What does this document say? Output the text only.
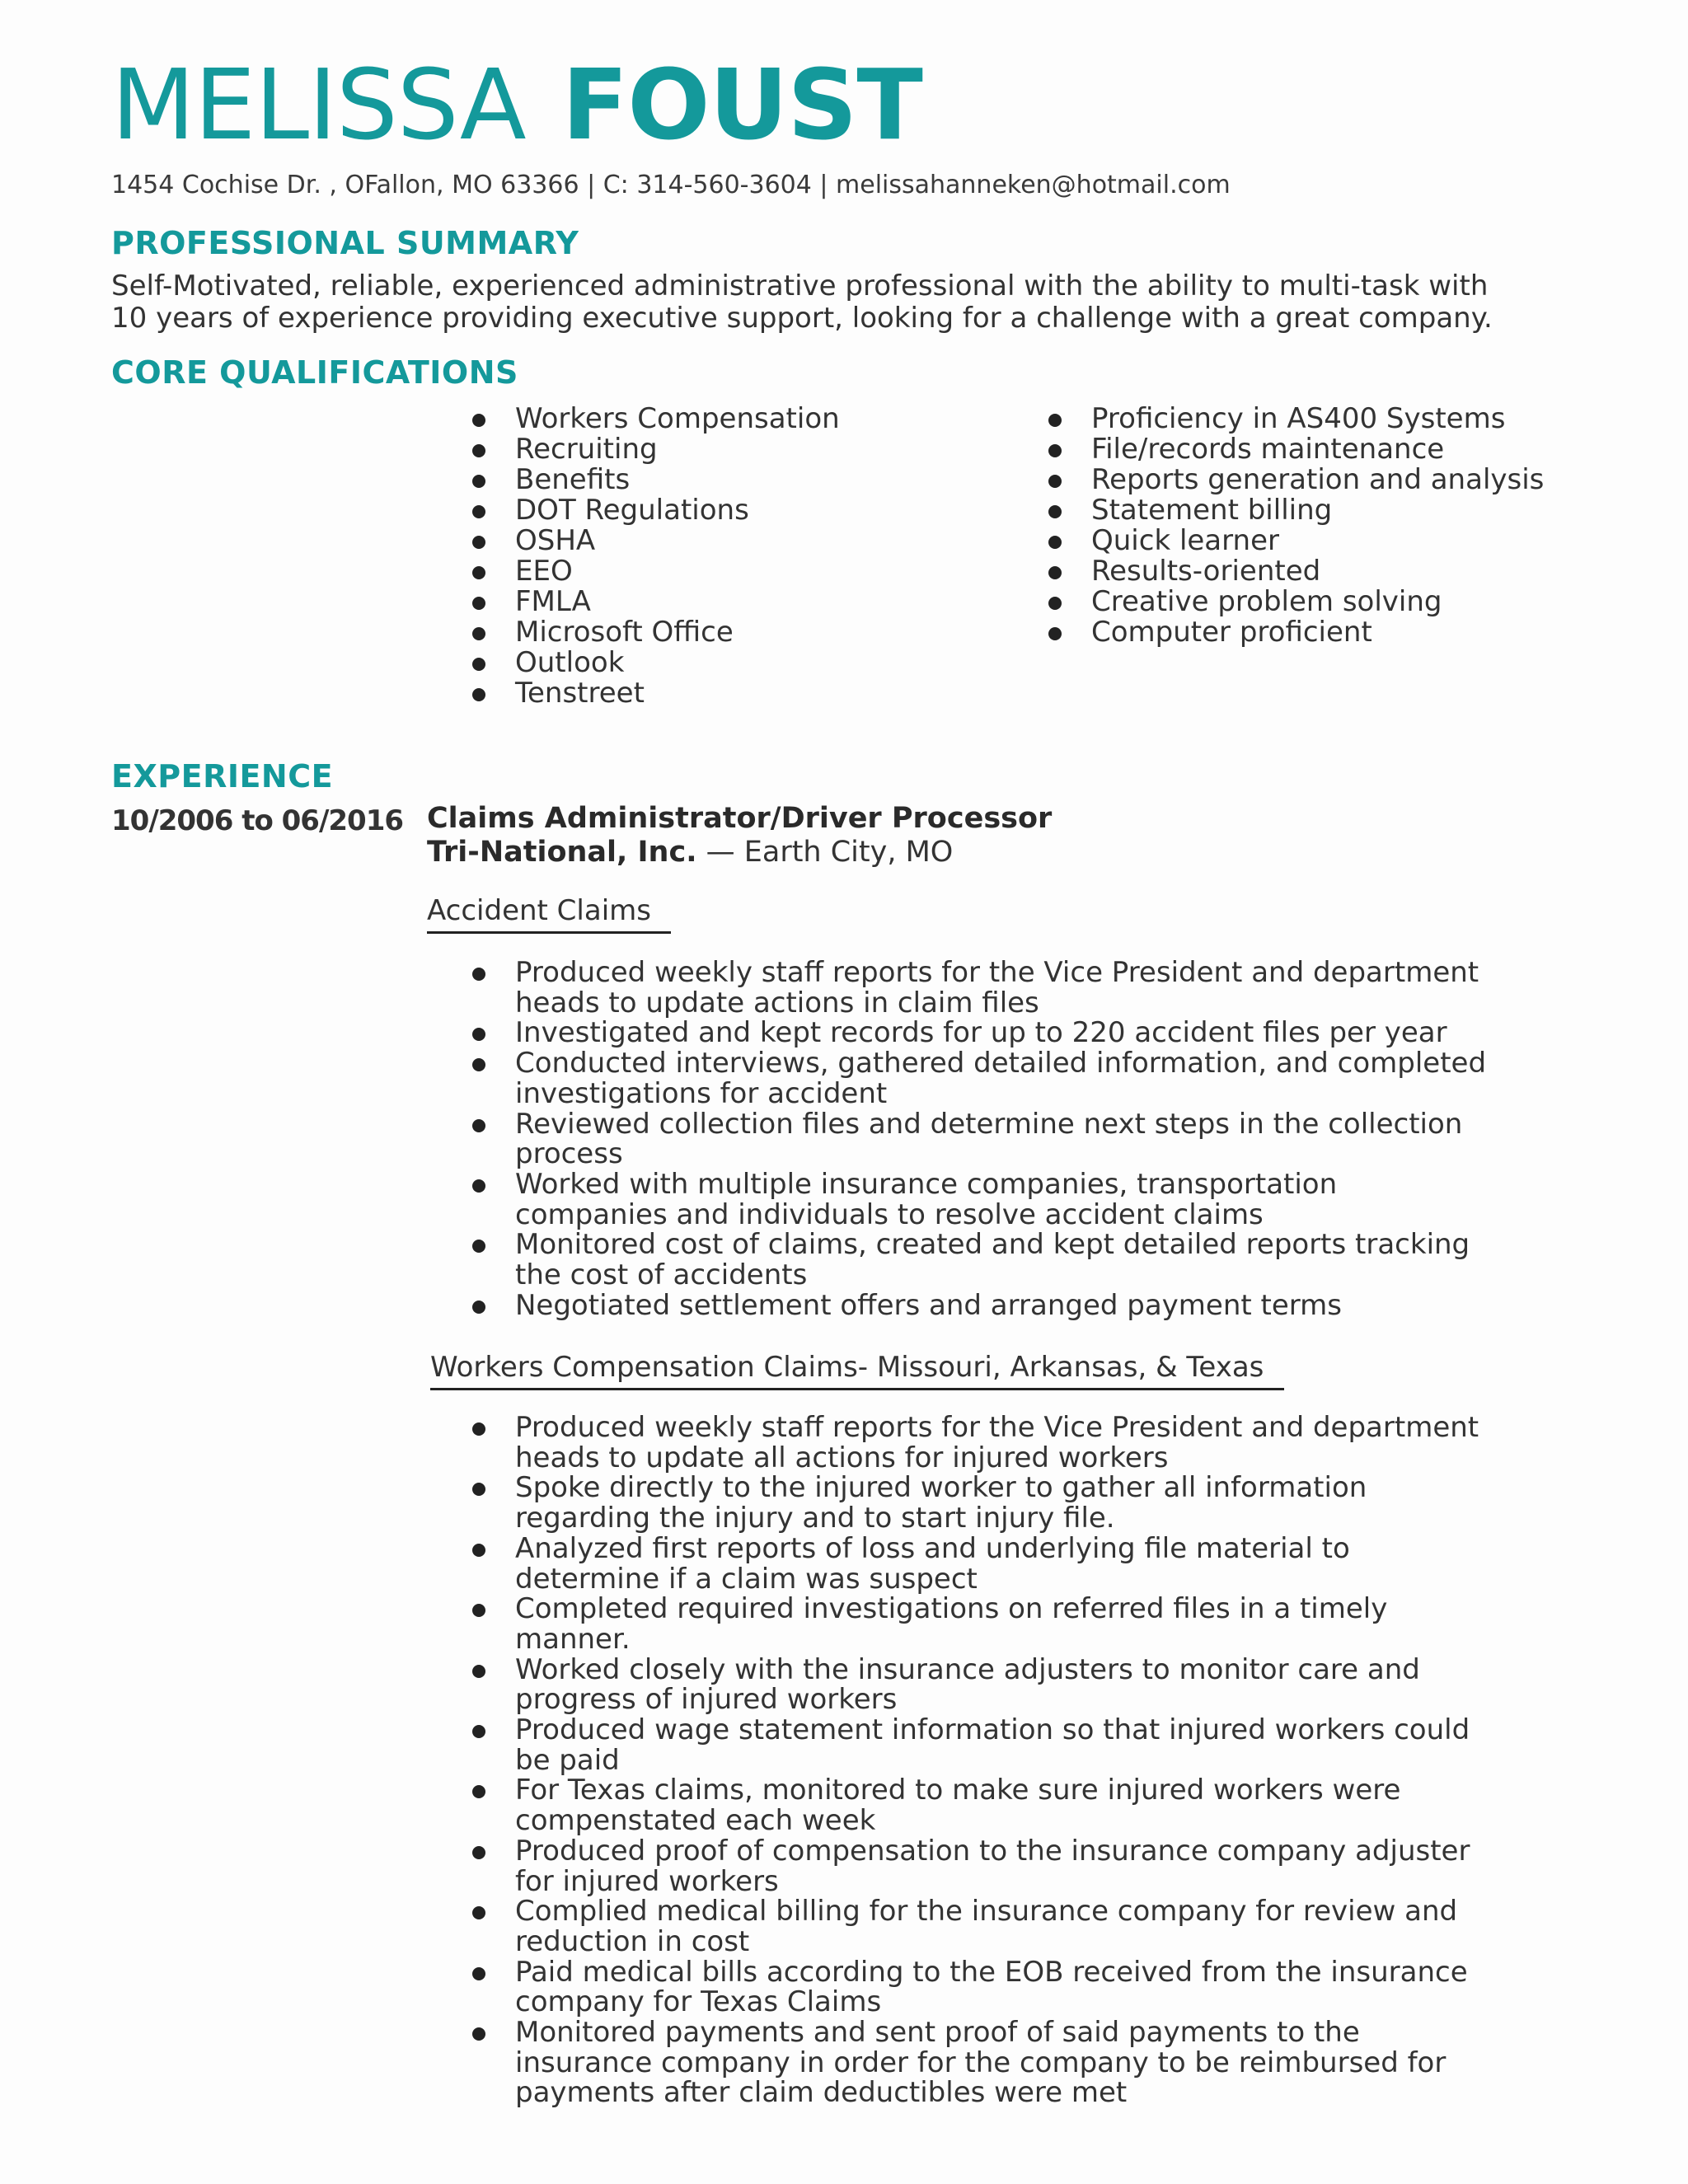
MELISSA FOUST
1454 Cochise Dr. , OFallon, MO 63366 | C: 314-560-3604 | melissahanneken@hotmail.com
PROFESSIONAL SUMMARY
Self-Motivated, reliable, experienced administrative professional with the ability to multi-task with
10 years of experience providing executive support, looking for a challenge with a great company.
CORE QUALIFICATIONS
Workers Compensation
Recruiting
Benefits
DOT Regulations
OSHA
EEO
FMLA
Microsoft Office
Outlook
Tenstreet
Proficiency in AS400 Systems
File/records maintenance
Reports generation and analysis
Statement billing
Quick learner
Results-oriented
Creative problem solving
Computer proficient
EXPERIENCE
10/2006 to 06/2016 Claims Administrator/Driver Processor
Tri-National, Inc. — Earth City, MO
Accident Claims
Produced weekly staff reports for the Vice President and department heads to update actions in claim files
Investigated and kept records for up to 220 accident files per year
Conducted interviews, gathered detailed information, and completed investigations for accident
Reviewed collection files and determine next steps in the collection process
Worked with multiple insurance companies, transportation companies and individuals to resolve accident claims
Monitored cost of claims, created and kept detailed reports tracking the cost of accidents
Negotiated settlement offers and arranged payment terms
Workers Compensation Claims- Missouri, Arkansas, & Texas
Produced weekly staff reports for the Vice President and department heads to update all actions for injured workers
Spoke directly to the injured worker to gather all information regarding the injury and to start injury file.
Analyzed first reports of loss and underlying file material to determine if a claim was suspect
Completed required investigations on referred files in a timely manner.
Worked closely with the insurance adjusters to monitor care and progress of injured workers
Produced wage statement information so that injured workers could be paid
For Texas claims, monitored to make sure injured workers were compenstated each week
Produced proof of compensation to the insurance company adjuster for injured workers
Complied medical billing for the insurance company for review and reduction in cost
Paid medical bills according to the EOB received from the insurance company for Texas Claims
Monitored payments and sent proof of said payments to the insurance company in order for the company to be reimbursed for payments after claim deductibles were met
